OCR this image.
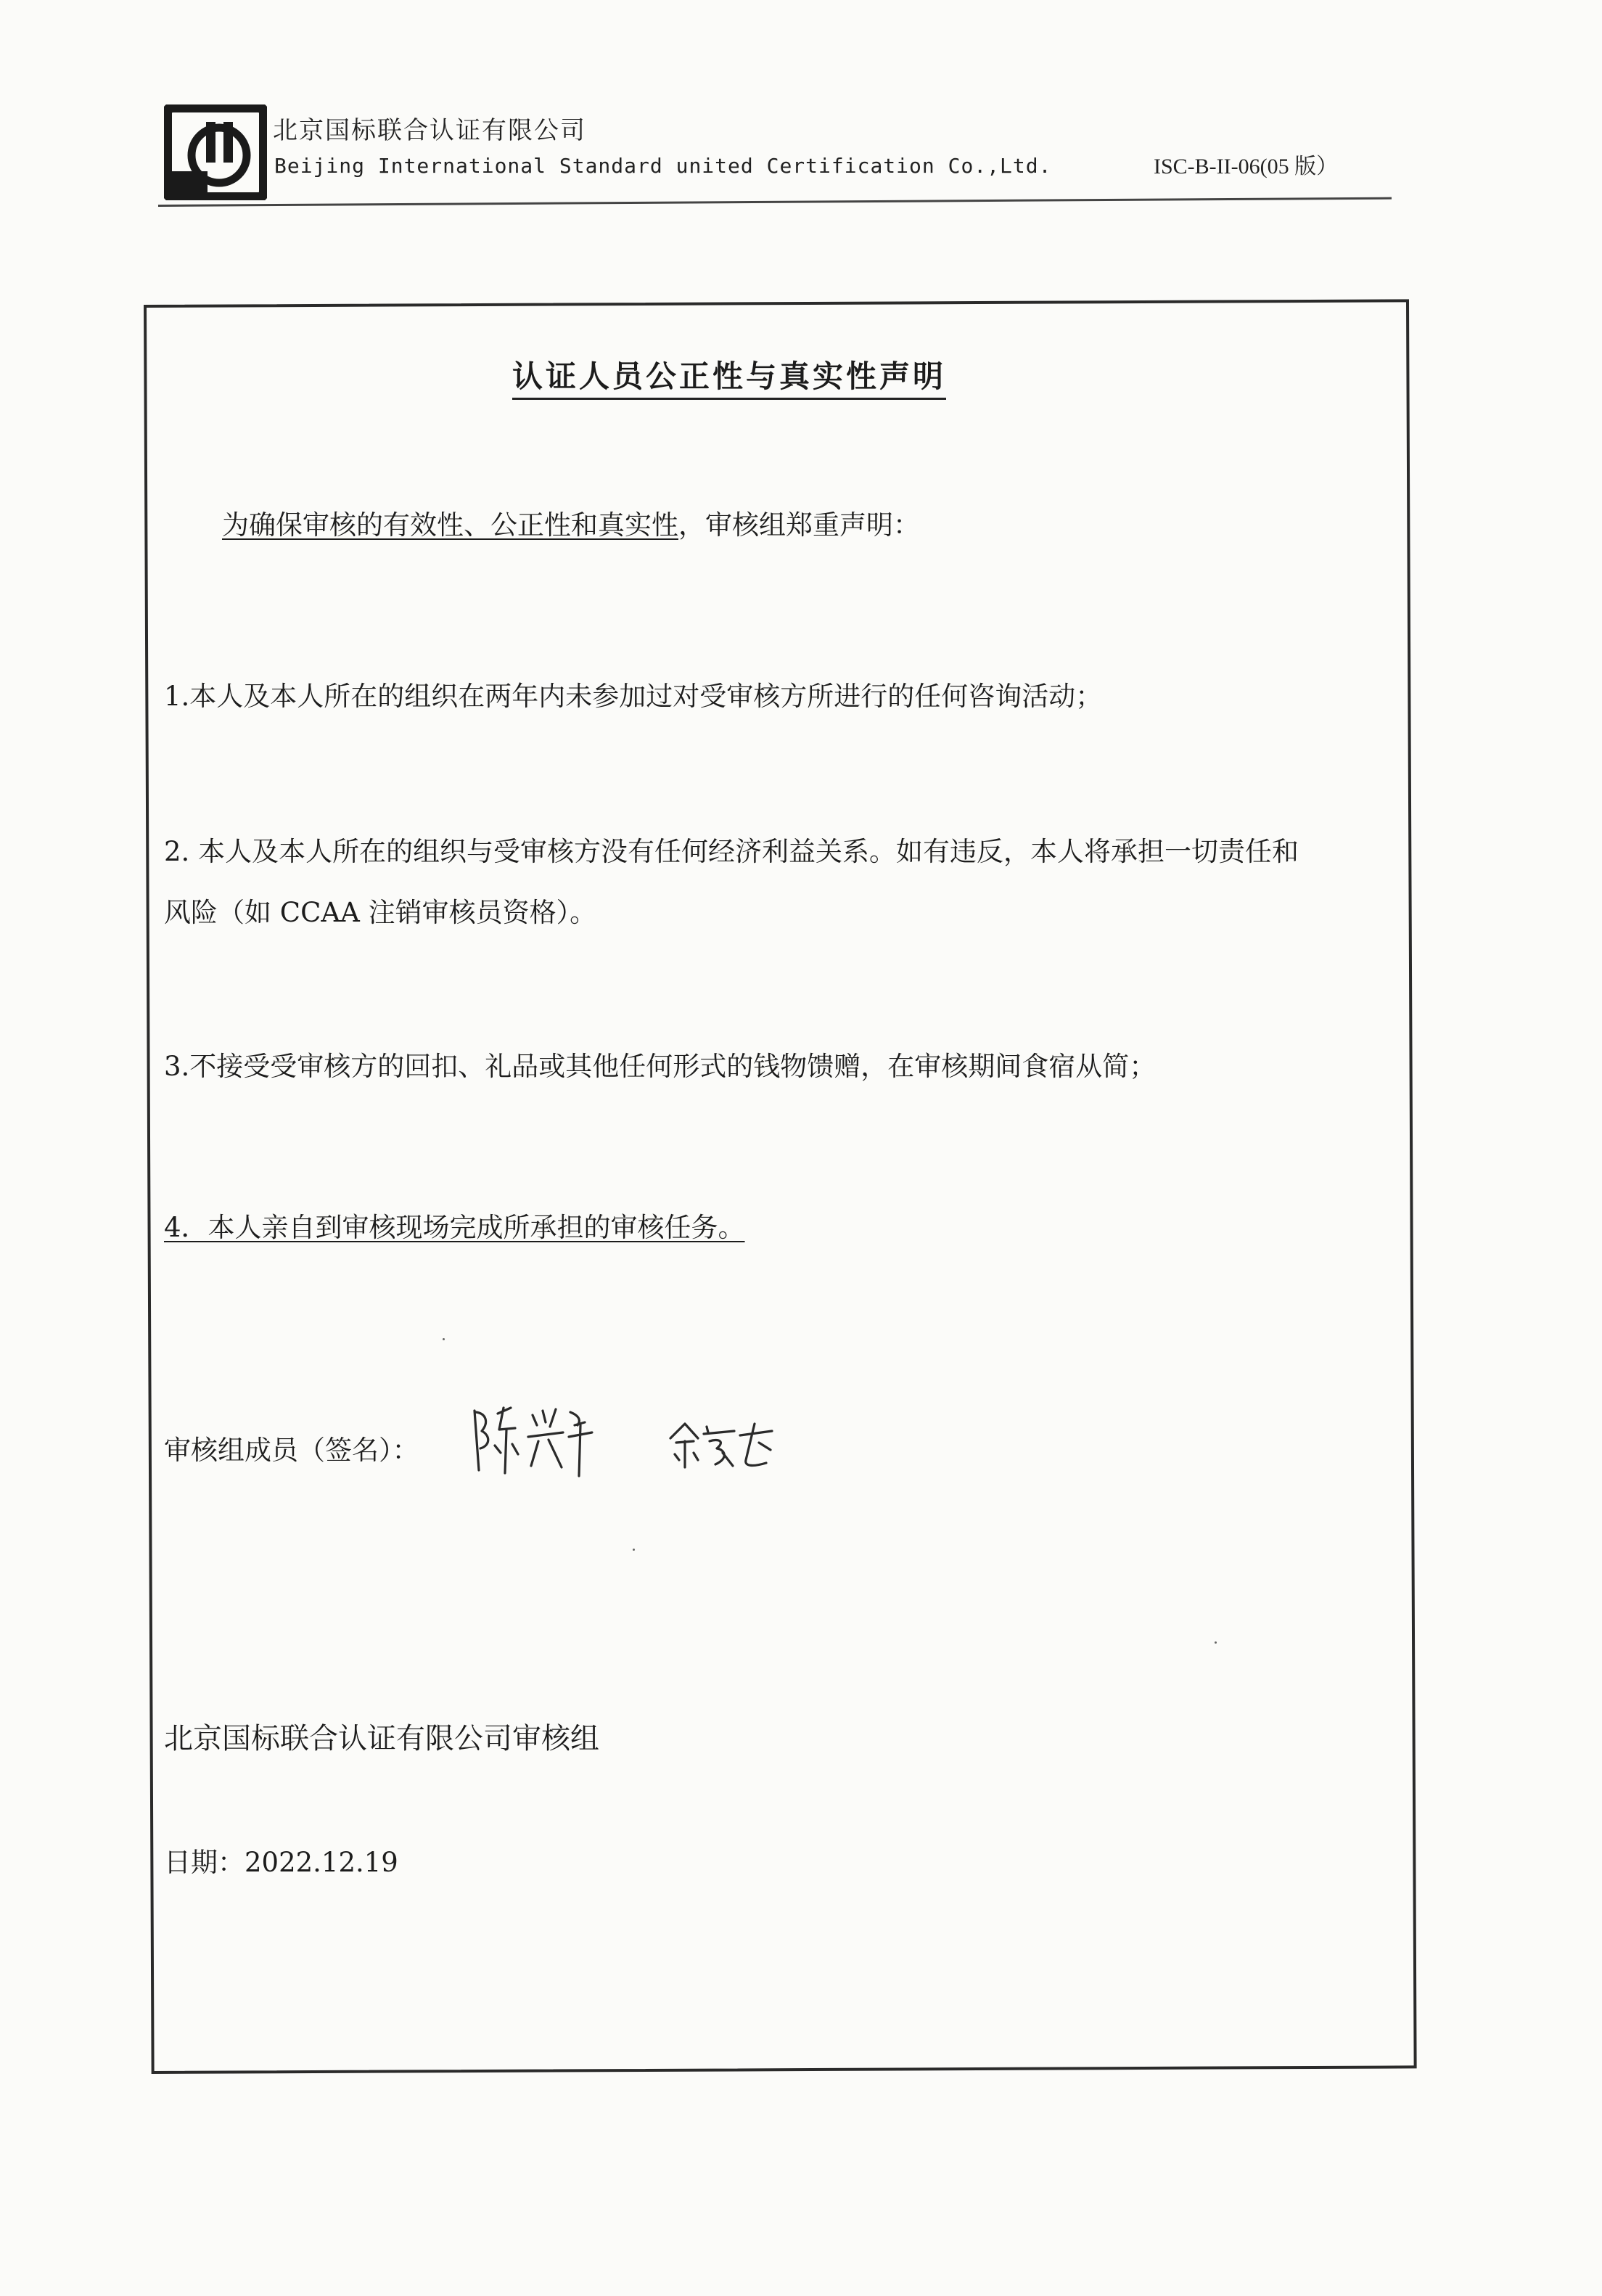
北京国标联合认证有限公司
Beijing International Standard united Certification Co.,Ltd.	ISC-B-II-06(05 版）
认证人员公正性与真实性声明
为确保审核的有效性、公正性和真实性，审核组郑重声明：
1.本人及本人所在的组织在两年内未参加过对受审核方所进行的任何咨询活动；
2. 本人及本人所在的组织与受审核方没有任何经济利益关系。如有违反，本人将承担一切责任和
风险（如 CCAA 注销审核员资格）。
3.不接受受审核方的回扣、礼品或其他任何形式的钱物馈赠，在审核期间食宿从简；
4．本人亲自到审核现场完成所承担的审核任务。
审核组成员（签名）：
北京国标联合认证有限公司审核组
日期：2022.12.19
